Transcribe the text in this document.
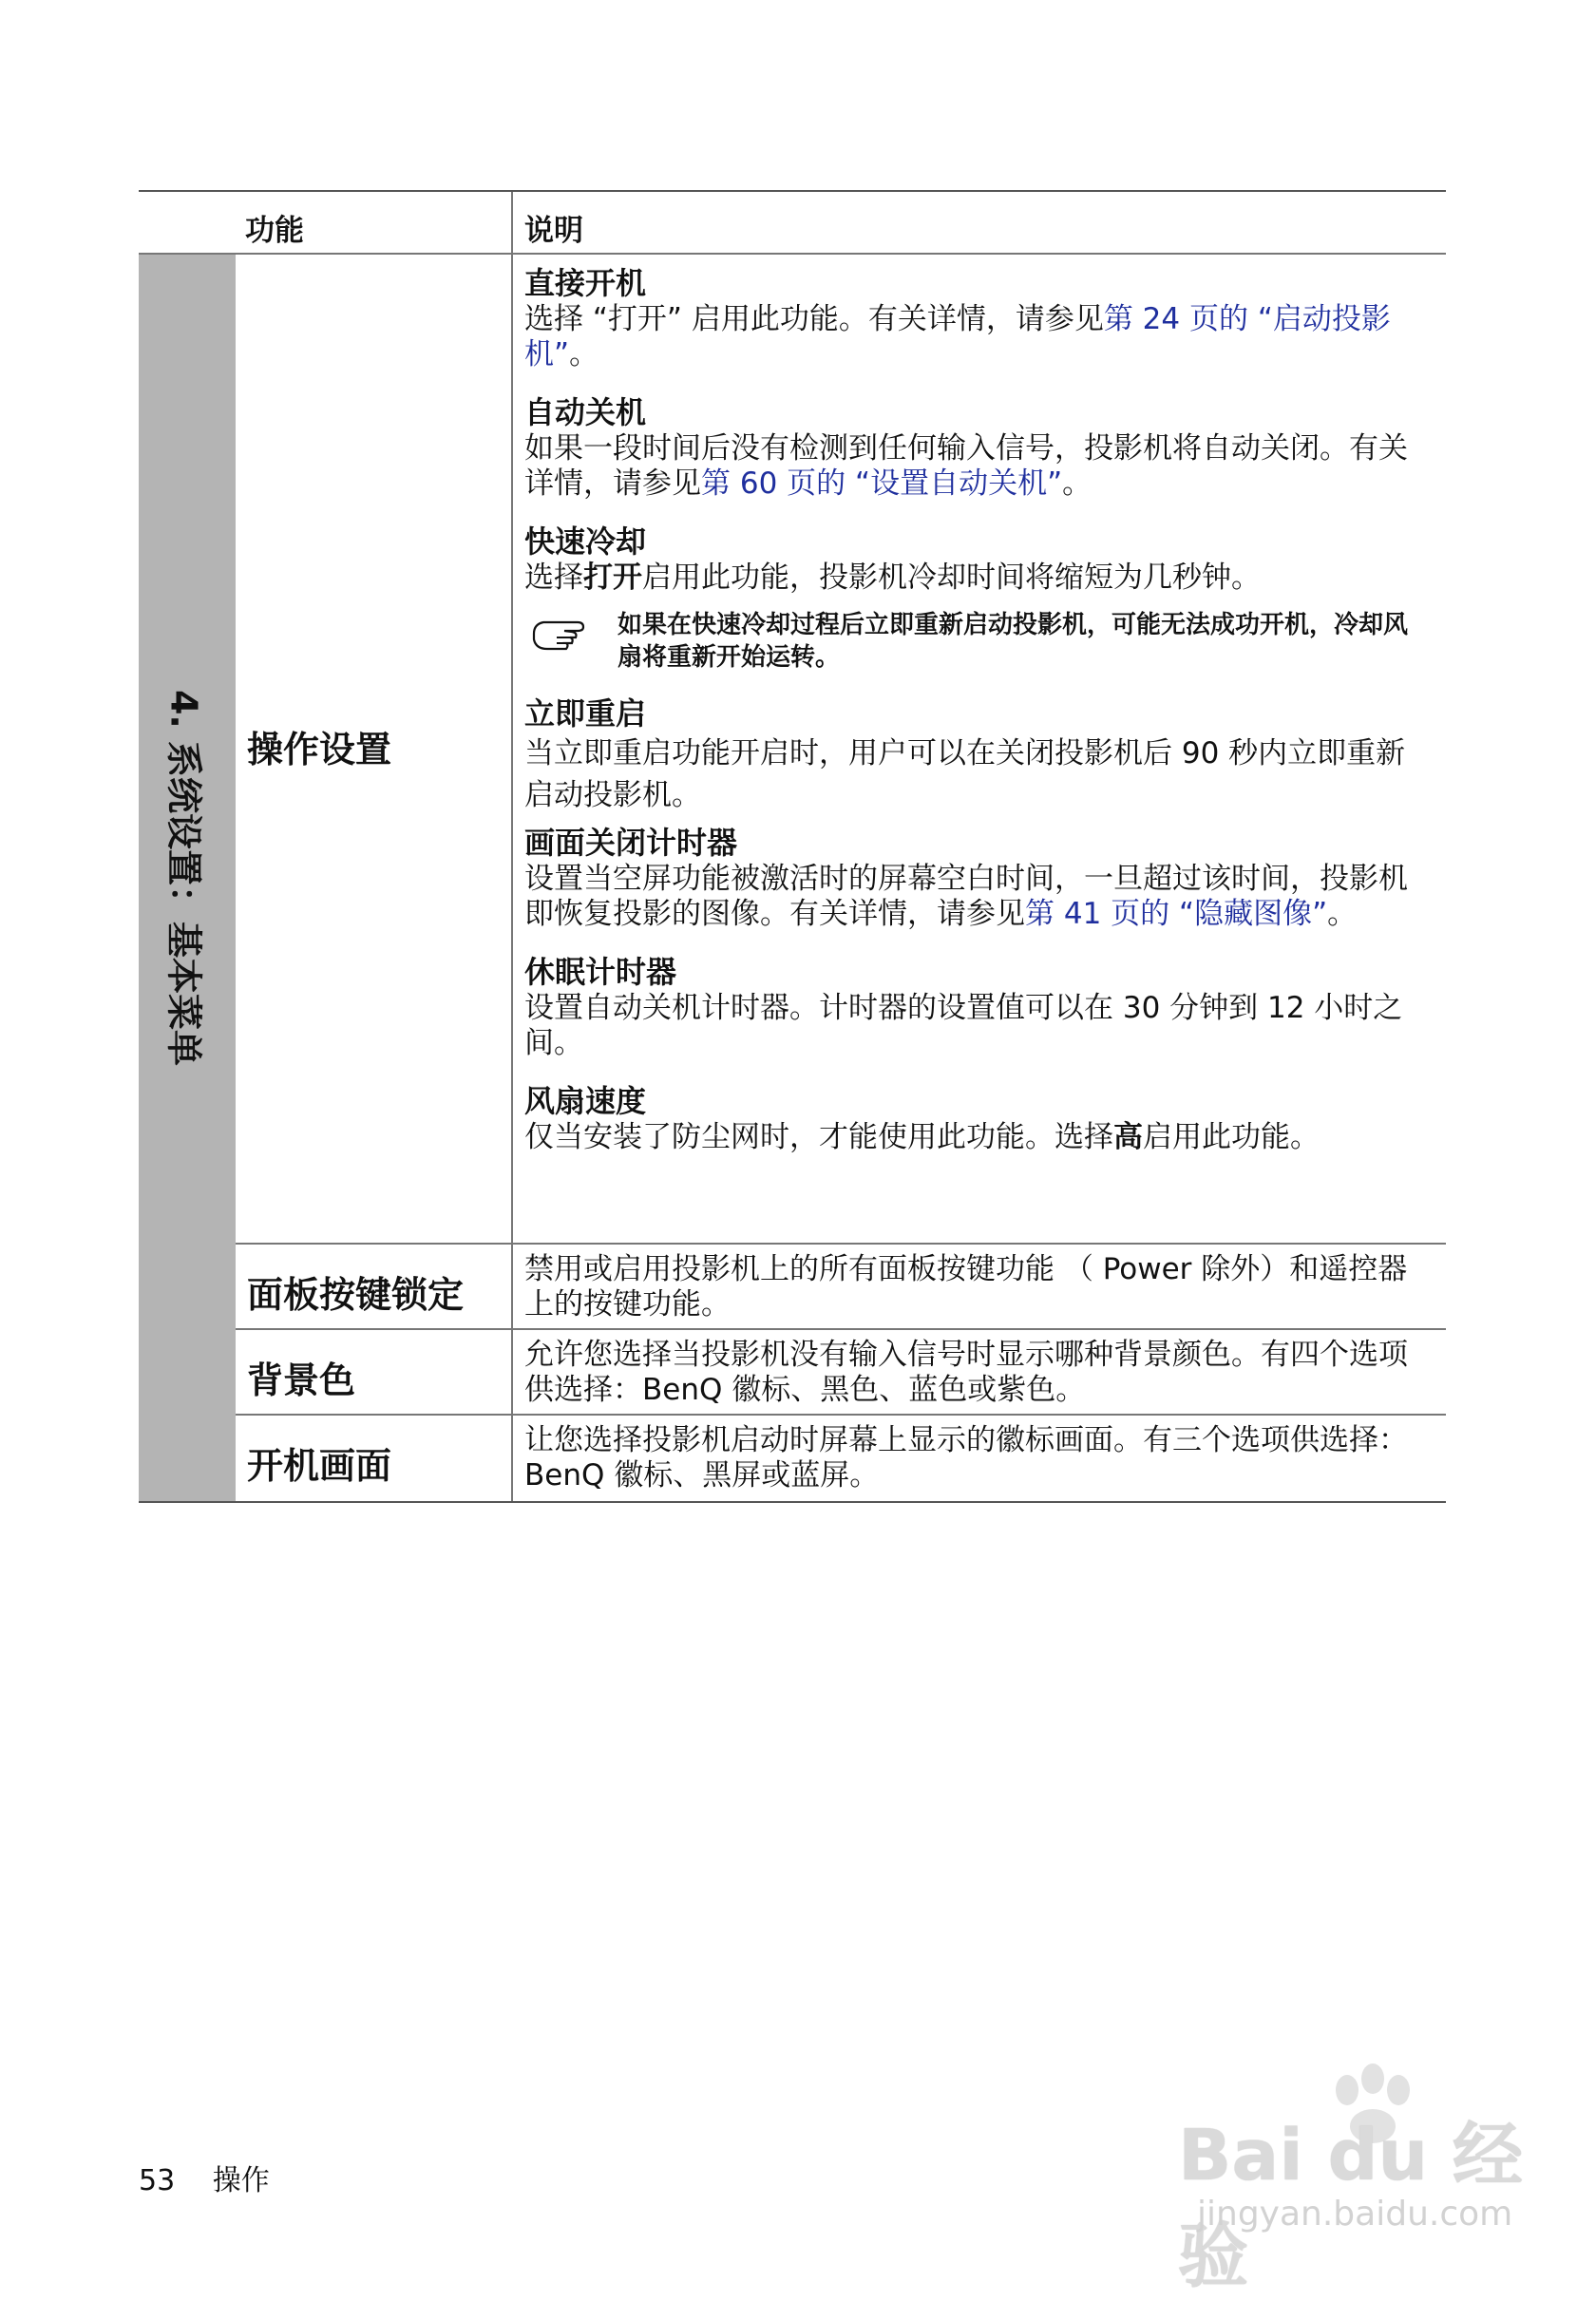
功能	说明
4. 系统设置：基本菜单 操作设置
直接开机

选择 “打开” 启用此功能。有关详情，请参见第 24 页的 “启动投影机”。

自动关机

如果一段时间后没有检测到任何输入信号，投影机将自动关闭。有关详情，请参见第 60 页的 “设置自动关机”。

快速冷却

选择打开启用此功能，投影机冷却时间将缩短为几秒钟。

如果在快速冷却过程后立即重新启动投影机，可能无法成功开机，冷却风扇将重新开始运转。
立即重启

当立即重启功能开启时，用户可以在关闭投影机后 90 秒内立即重新启动投影机。

画面关闭计时器

设置当空屏功能被激活时的屏幕空白时间，一旦超过该时间，投影机即恢复投影的图像。有关详情，请参见第 41 页的 “隐藏图像”。

休眠计时器

设置自动关机计时器。计时器的设置值可以在 30 分钟到 12 小时之间。

风扇速度

仅当安装了防尘网时，才能使用此功能。选择高启用此功能。

面板按键锁定

禁用或启用投影机上的所有面板按键功能 （ Power 除外）和遥控器上的按键功能。

背景色

允许您选择当投影机没有输入信号时显示哪种背景颜色。有四个选项供选择：BenQ 徽标、黑色、蓝色或紫色。

开机画面

让您选择投影机启动时屏幕上显示的徽标画面。有三个选项供选择：BenQ 徽标、黑屏或蓝屏。

53 操作	Bai du 经验
jingyan.baidu.com
